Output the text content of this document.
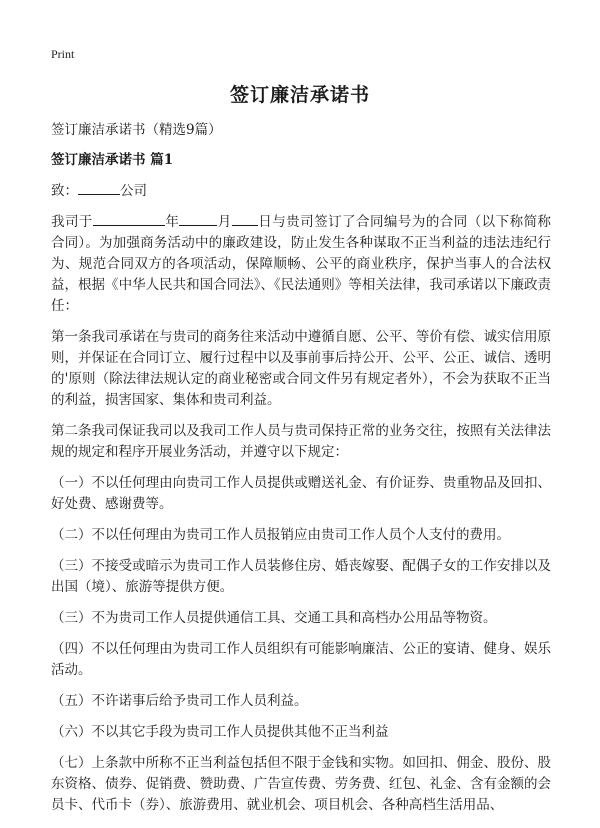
Print
签订廉洁承诺书

签订廉洁承诺书（精选9篇）

签订廉洁承诺书 篇1

致：	公司

我司于	年	月 日与贵司签订了合同编号为的合同（以下称简称合同）。为加强商务活动中的廉政建设，防止发生各种谋取不正当利益的违法违纪行为、规范合同双方的各项活动，保障顺畅、公平的商业秩序，保护当事人的合法权益，根据《中华人民共和国合同法》、《民法通则》等相关法律，我司承诺以下廉政责任：

第一条我司承诺在与贵司的商务往来活动中遵循自愿、公平、等价有偿、诚实信用原则，并保证在合同订立、履行过程中以及事前事后持公开、公平、公正、诚信、透明的'原则（除法律法规认定的商业秘密或合同文件另有规定者外），不会为获取不正当的利益，损害国家、集体和贵司利益。

第二条我司保证我司以及我司工作人员与贵司保持正常的业务交往，按照有关法律法规的规定和程序开展业务活动，并遵守以下规定：

（一）不以任何理由向贵司工作人员提供或赠送礼金、有价证券、贵重物品及回扣、好处费、感谢费等。

（二）不以任何理由为贵司工作人员报销应由贵司工作人员个人支付的费用。

（三）不接受或暗示为贵司工作人员装修住房、婚丧嫁娶、配偶子女的工作安排以及出国（境）、旅游等提供方便。

（三）不为贵司工作人员提供通信工具、交通工具和高档办公用品等物资。

（四）不以任何理由为贵司工作人员组织有可能影响廉洁、公正的宴请、健身、娱乐活动。

（五）不许诺事后给予贵司工作人员利益。

（六）不以其它手段为贵司工作人员提供其他不正当利益

（七）上条款中所称不正当利益包括但不限于金钱和实物。如回扣、佣金、股份、股东资格、债券、促销费、赞助费、广告宣传费、劳务费、红包、礼金、含有金额的会员卡、代币卡（券）、旅游费用、就业机会、项目机会、各种高档生活用品、
